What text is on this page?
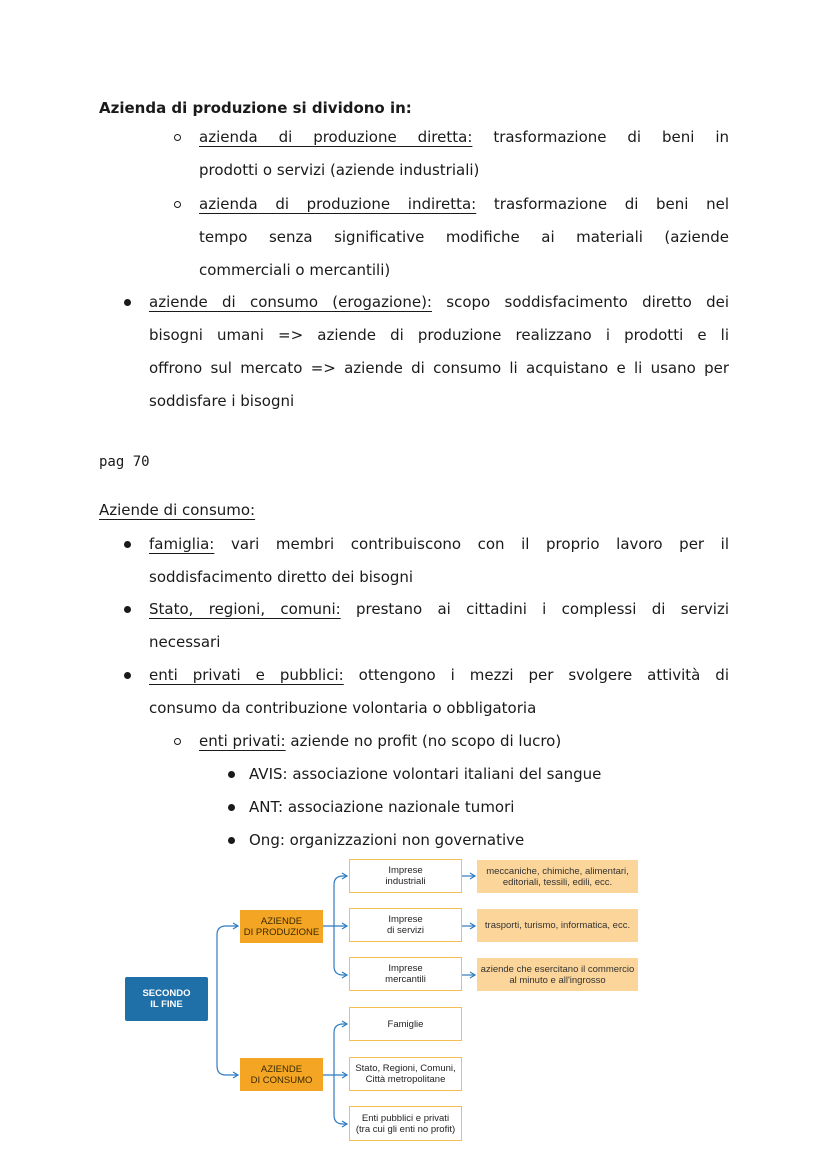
Azienda di produzione si dividono in:
azienda di produzione diretta: trasformazione di beni in
prodotti o servizi (aziende industriali)
azienda di produzione indiretta: trasformazione di beni nel
tempo senza significative modifiche ai materiali (aziende
commerciali o mercantili)
aziende di consumo (erogazione): scopo soddisfacimento diretto dei
bisogni umani => aziende di produzione realizzano i prodotti e li
offrono sul mercato => aziende di consumo li acquistano e li usano per
soddisfare i bisogni
pag 70
Aziende di consumo:
famiglia: vari membri contribuiscono con il proprio lavoro per il
soddisfacimento diretto dei bisogni
Stato, regioni, comuni: prestano ai cittadini i complessi di servizi
necessari
enti privati e pubblici: ottengono i mezzi per svolgere attività di
consumo da contribuzione volontaria o obbligatoria
enti privati: aziende no profit (no scopo di lucro)
AVIS: associazione volontari italiani del sangue
ANT: associazione nazionale tumori
Ong: organizzazioni non governative
SECONDO
IL FINE
AZIENDE
DI PRODUZIONE
AZIENDE
DI CONSUMO
Imprese
industriali
Imprese
di servizi
Imprese
mercantili
meccaniche, chimiche, alimentari,
editoriali, tessili, edili, ecc.
trasporti, turismo, informatica, ecc.
aziende che esercitano il commercio
al minuto e all'ingrosso
Famiglie
Stato, Regioni, Comuni,
Città metropolitane
Enti pubblici e privati
(tra cui gli enti no profit)
